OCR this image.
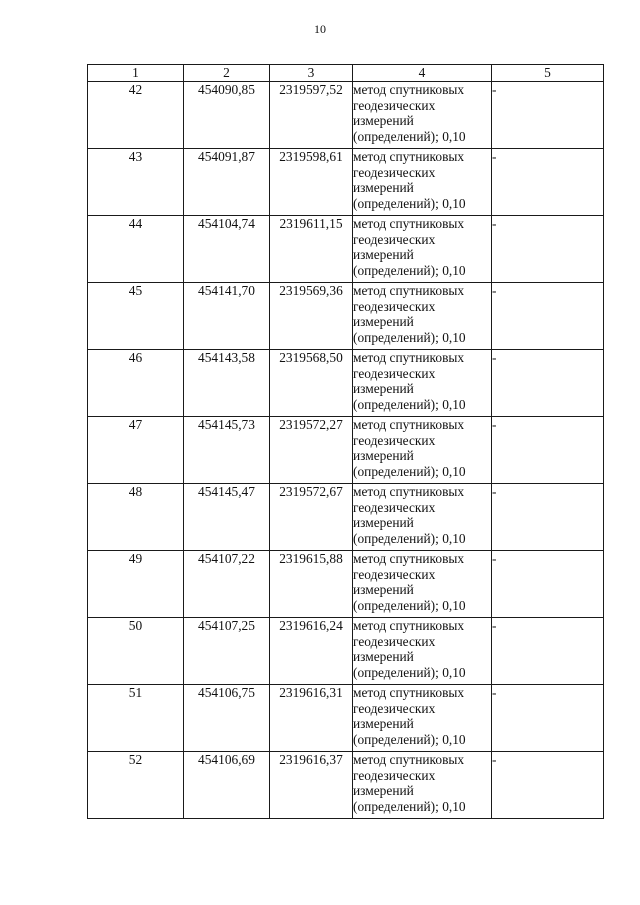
10
1	2	3	4	5
42	454090,85	2319597,52	метод спутниковых геодезических измерений (определений); 0,10	-
43	454091,87	2319598,61	метод спутниковых геодезических измерений (определений); 0,10	-
44	454104,74	2319611,15	метод спутниковых геодезических измерений (определений); 0,10	-
45	454141,70	2319569,36	метод спутниковых геодезических измерений (определений); 0,10	-
46	454143,58	2319568,50	метод спутниковых геодезических измерений (определений); 0,10	-
47	454145,73	2319572,27	метод спутниковых геодезических измерений (определений); 0,10	-
48	454145,47	2319572,67	метод спутниковых геодезических измерений (определений); 0,10	-
49	454107,22	2319615,88	метод спутниковых геодезических измерений (определений); 0,10	-
50	454107,25	2319616,24	метод спутниковых геодезических измерений (определений); 0,10	-
51	454106,75	2319616,31	метод спутниковых геодезических измерений (определений); 0,10	-
52	454106,69	2319616,37	метод спутниковых геодезических измерений (определений); 0,10	-
